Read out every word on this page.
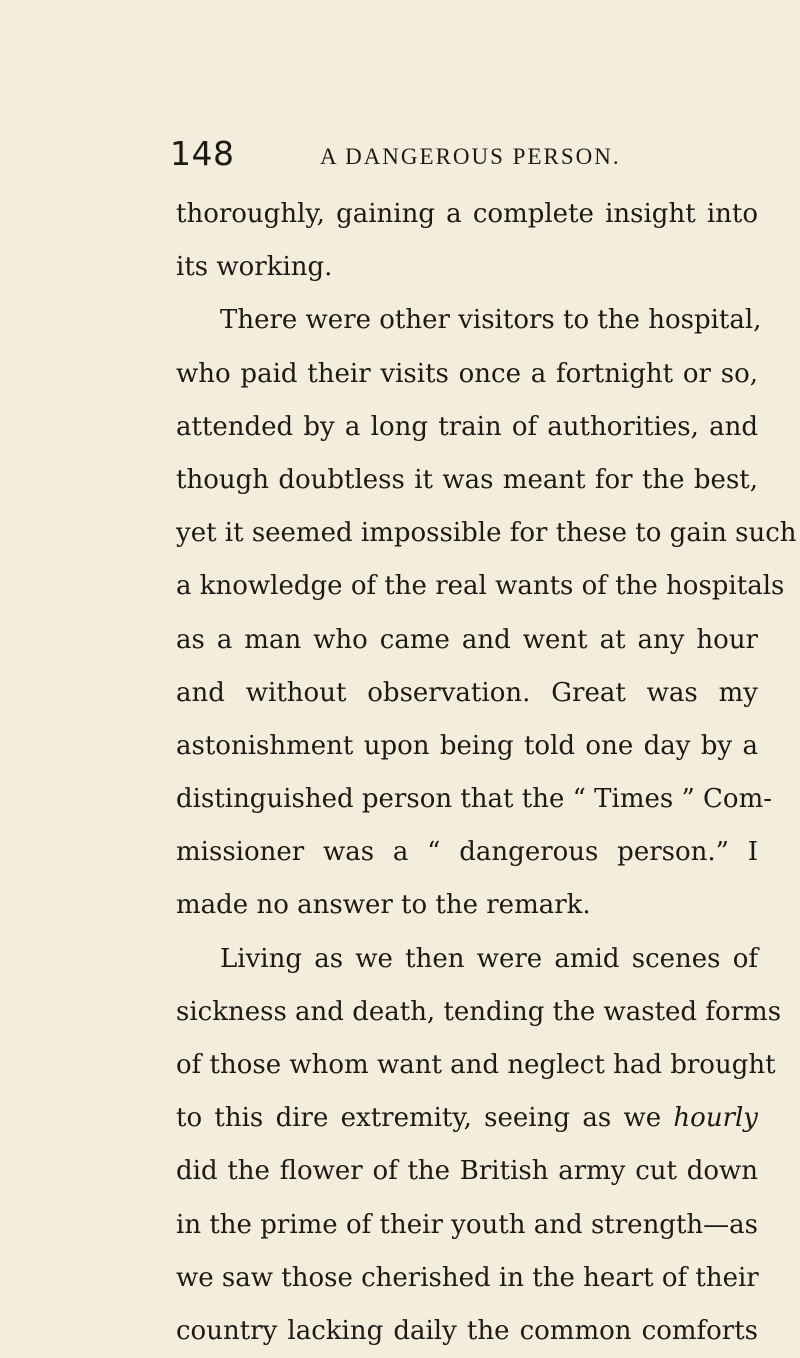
148	A DANGEROUS PERSON.
thoroughly, gaining a complete insight into
its working.
There were other visitors to the hospital,
who paid their visits once a fortnight or so,
attended by a long train of authorities, and
though doubtless it was meant for the best,
yet it seemed impossible for these to gain such
a knowledge of the real wants of the hospitals
as a man who came and went at any hour
and without observation. Great was my
astonishment upon being told one day by a
distinguished person that the “ Times ” Com-
missioner was a “ dangerous person.” I
made no answer to the remark.
Living as we then were amid scenes of
sickness and death, tending the wasted forms
of those whom want and neglect had brought
to this dire extremity, seeing as we hourly
did the flower of the British army cut down
in the prime of their youth and strength—as
we saw those cherished in the heart of their
country lacking daily the common comforts
